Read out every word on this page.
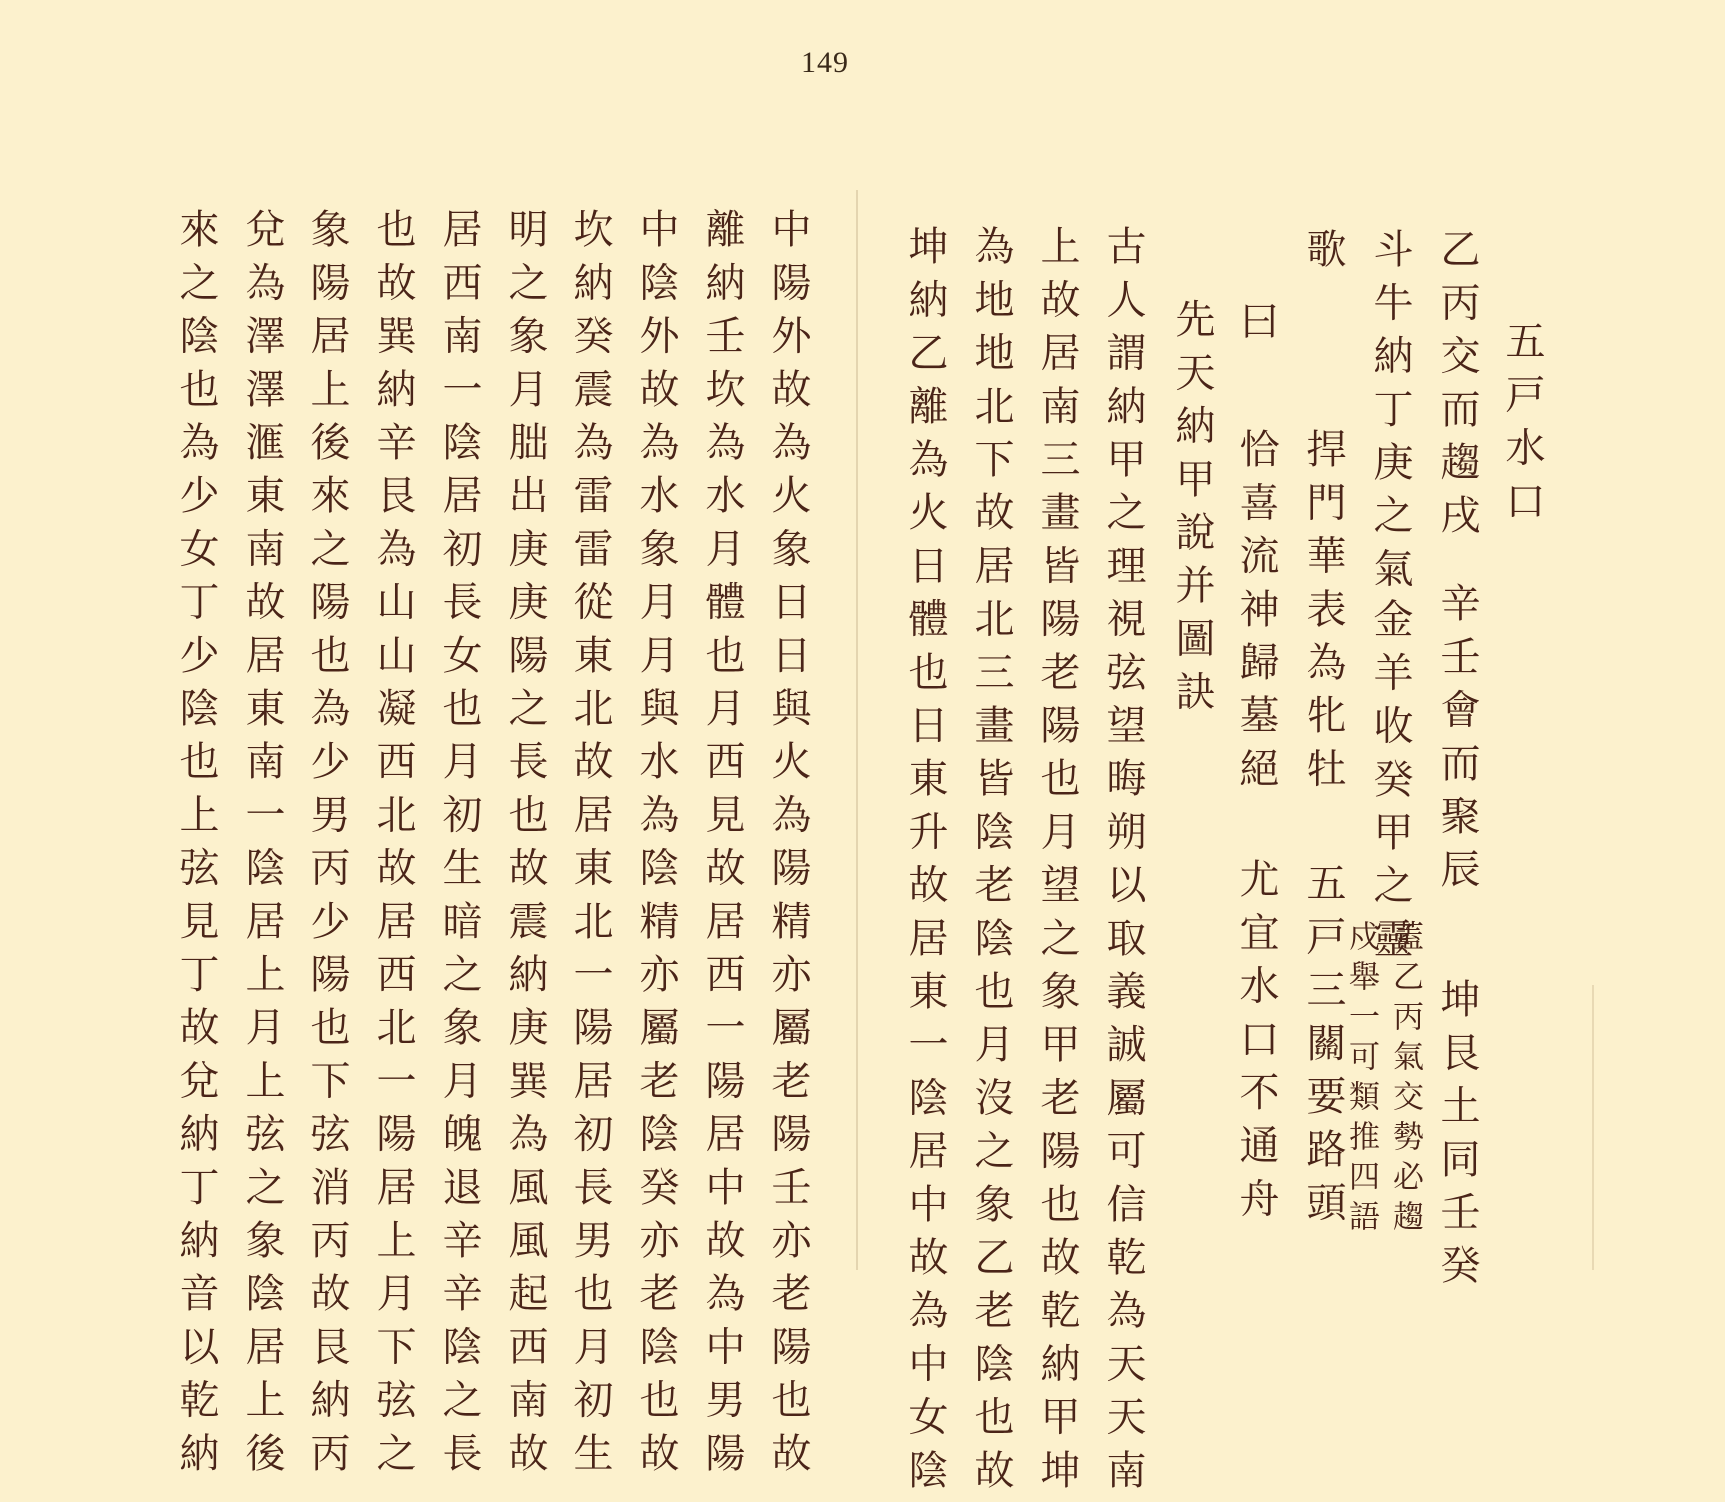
149
五戸水口
乙丙交而趨戌
斗牛納丁庚之氣
歌
曰
先天納甲說并圖訣
辛壬會而聚辰
坤艮土同壬癸
金羊收癸甲之靈
五戸三關要路頭
捍門華表為牝牡
恰喜流神歸墓絕
尤宜水口不通舟	蓋乙丙氣交勢必趨
戍舉一可類推四語
古人謂納甲之理視弦望晦朔以取義誠屬可信乾為天天南
上故居南三畫皆陽老陽也月望之象甲老陽也故乾納甲坤
為地地北下故居北三畫皆陰老陰也月沒之象乙老陰也故
坤納乙離為火日體也日東升故居東一陰居中故為中女陰
中陽外故為火象日日與火為陽精亦屬老陽壬亦老陽也故
離納壬坎為水月體也月西見故居西一陽居中故為中男陽
中陰外故為水象月月與水為陰精亦屬老陰癸亦老陰也故
坎納癸震為雷雷從東北故居東北一陽居初長男也月初生
明之象月朏出庚庚陽之長也故震納庚巽為風風起西南故
居西南一陰居初長女也月初生暗之象月魄退辛辛陰之長
也故巽納辛艮為山山凝西北故居西北一陽居上月下弦之
象陽居上後來之陽也為少男丙少陽也下弦消丙故艮納丙
兌為澤澤滙東南故居東南一陰居上月上弦之象陰居上後
來之陰也為少女丁少陰也上弦見丁故兌納丁納音以乾納
